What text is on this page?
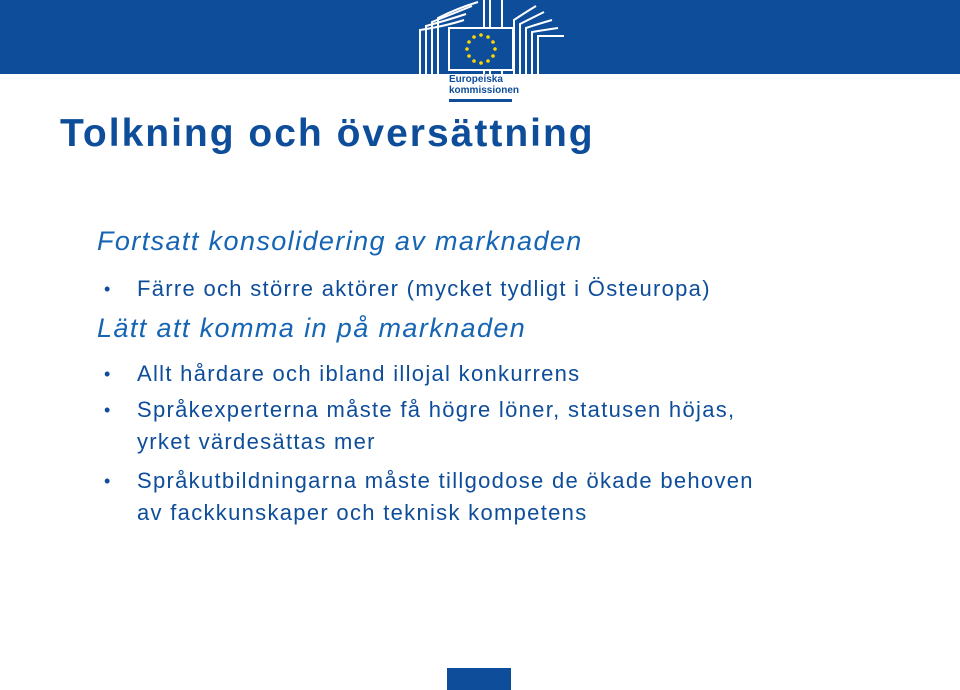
Europeiska
kommissionen
Tolkning och översättning
Fortsatt konsolidering av marknaden
•	Färre och större aktörer (mycket tydligt i Östeuropa)
Lätt att komma in på marknaden
•	Allt hårdare och ibland illojal konkurrens
•	Språkexperterna måste få högre löner, statusen höjas,
yrket värdesättas mer
•	Språkutbildningarna måste tillgodose de ökade behoven
av fackkunskaper och teknisk kompetens
